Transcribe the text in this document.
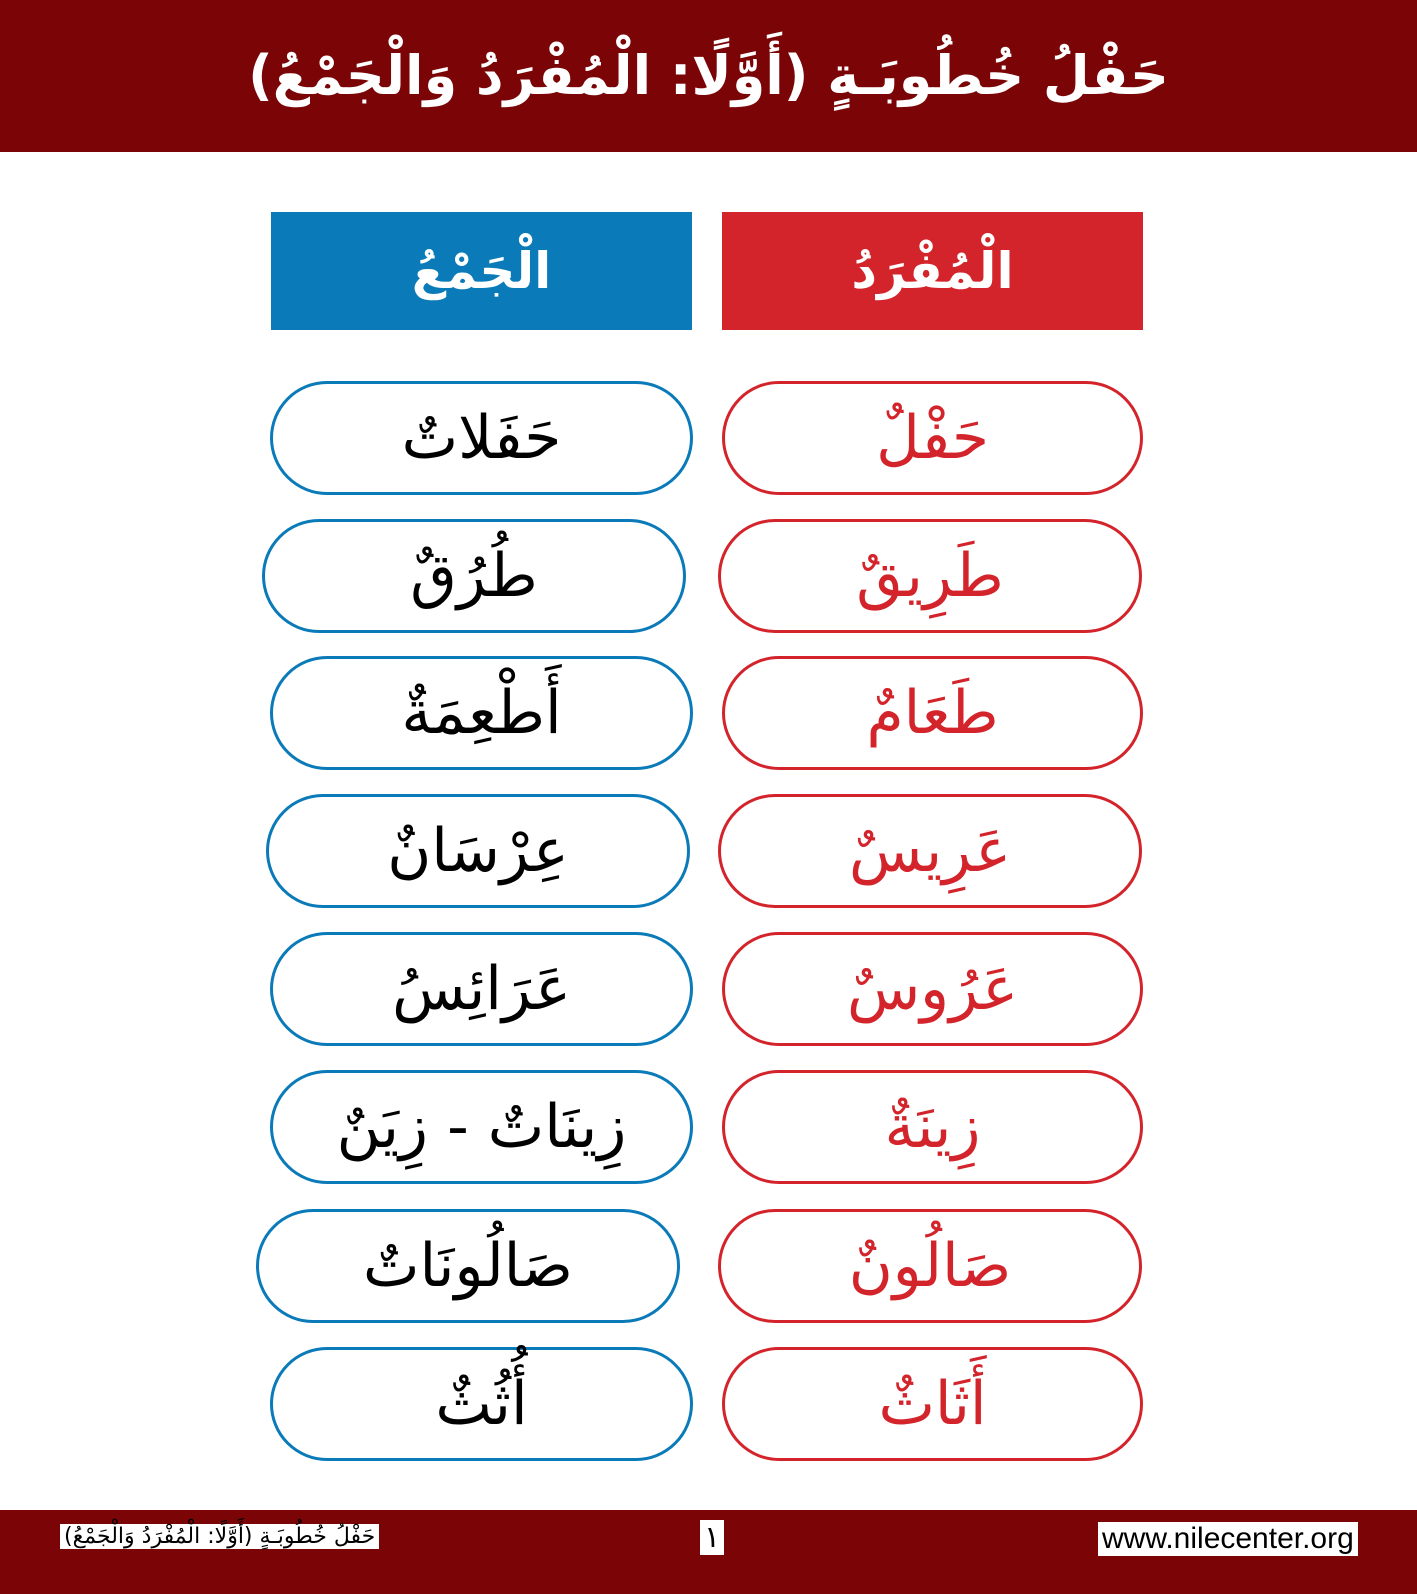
حَفْلُ خُطُوبَـةٍ (أَوَّلًا: الْمُفْرَدُ وَالْجَمْعُ)
الْمُفْرَدُ
الْجَمْعُ
حَفْلٌ
حَفَلاتٌ
طَرِيقٌ
طُرُقٌ
طَعَامٌ
أَطْعِمَةٌ
عَرِيسٌ
عِرْسَانٌ
عَرُوسٌ
عَرَائِسُ
زِينَةٌ
زِينَاتٌ - زِيَنٌ
صَالُونٌ
صَالُونَاتٌ
أَثَاثٌ
أُثُثٌ
حَفْلُ خُطُوبَـةٍ (أَوَّلًا: الْمُفْرَدُ وَالْجَمْعُ)	١	www.nilecenter.org
